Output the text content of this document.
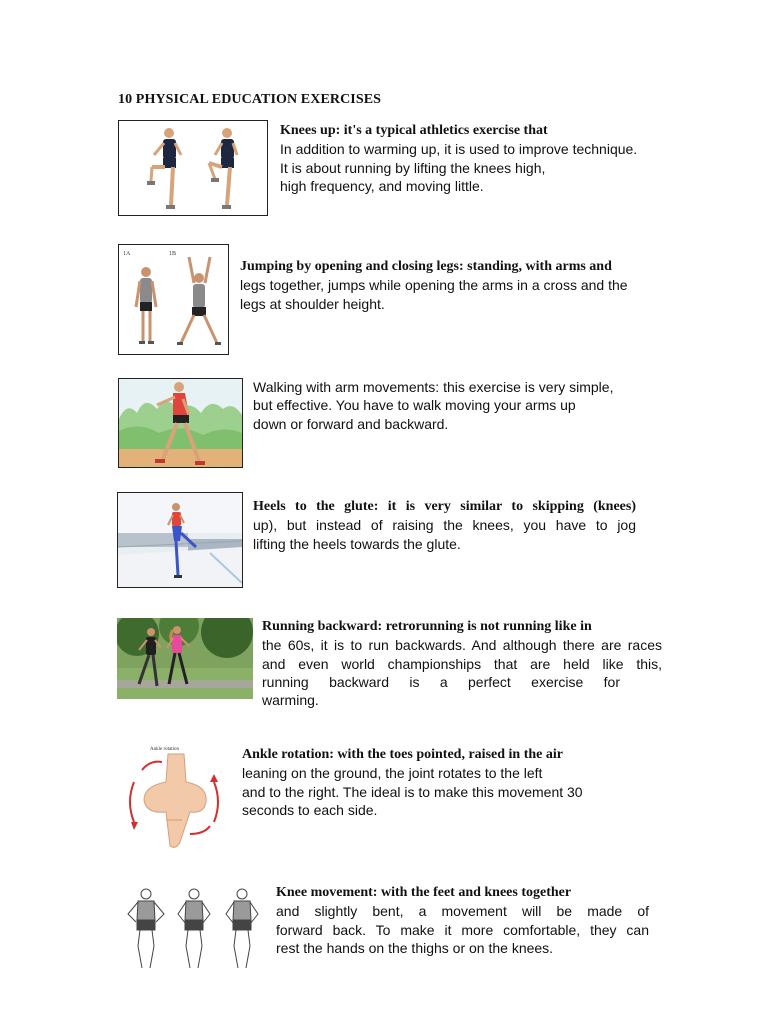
10 PHYSICAL EDUCATION EXERCISES
Knees up: it's a typical athletics exercise that
In addition to warming up, it is used to improve technique.
It is about running by lifting the knees high,
high frequency, and moving little.
1A	1B
Jumping by opening and closing legs: standing, with arms and
legs together, jumps while opening the arms in a cross and the
legs at shoulder height.
Walking with arm movements: this exercise is very simple,
but effective. You have to walk moving your arms up
down or forward and backward.
Heels to the glute: it is very similar to skipping (knees)
up), but instead of raising the knees, you have to jog
lifting the heels towards the glute.
Running backward: retrorunning is not running like in
the 60s, it is to run backwards. And although there are races
and even world championships that are held like this,
running backward is a perfect exercise for
warming.
Ankle rotation	Ankle rotation: with the toes pointed, raised in the air
leaning on the ground, the joint rotates to the left
and to the right. The ideal is to make this movement 30
seconds to each side.
Knee movement: with the feet and knees together
and slightly bent, a movement will be made of
forward back. To make it more comfortable, they can
rest the hands on the thighs or on the knees.
